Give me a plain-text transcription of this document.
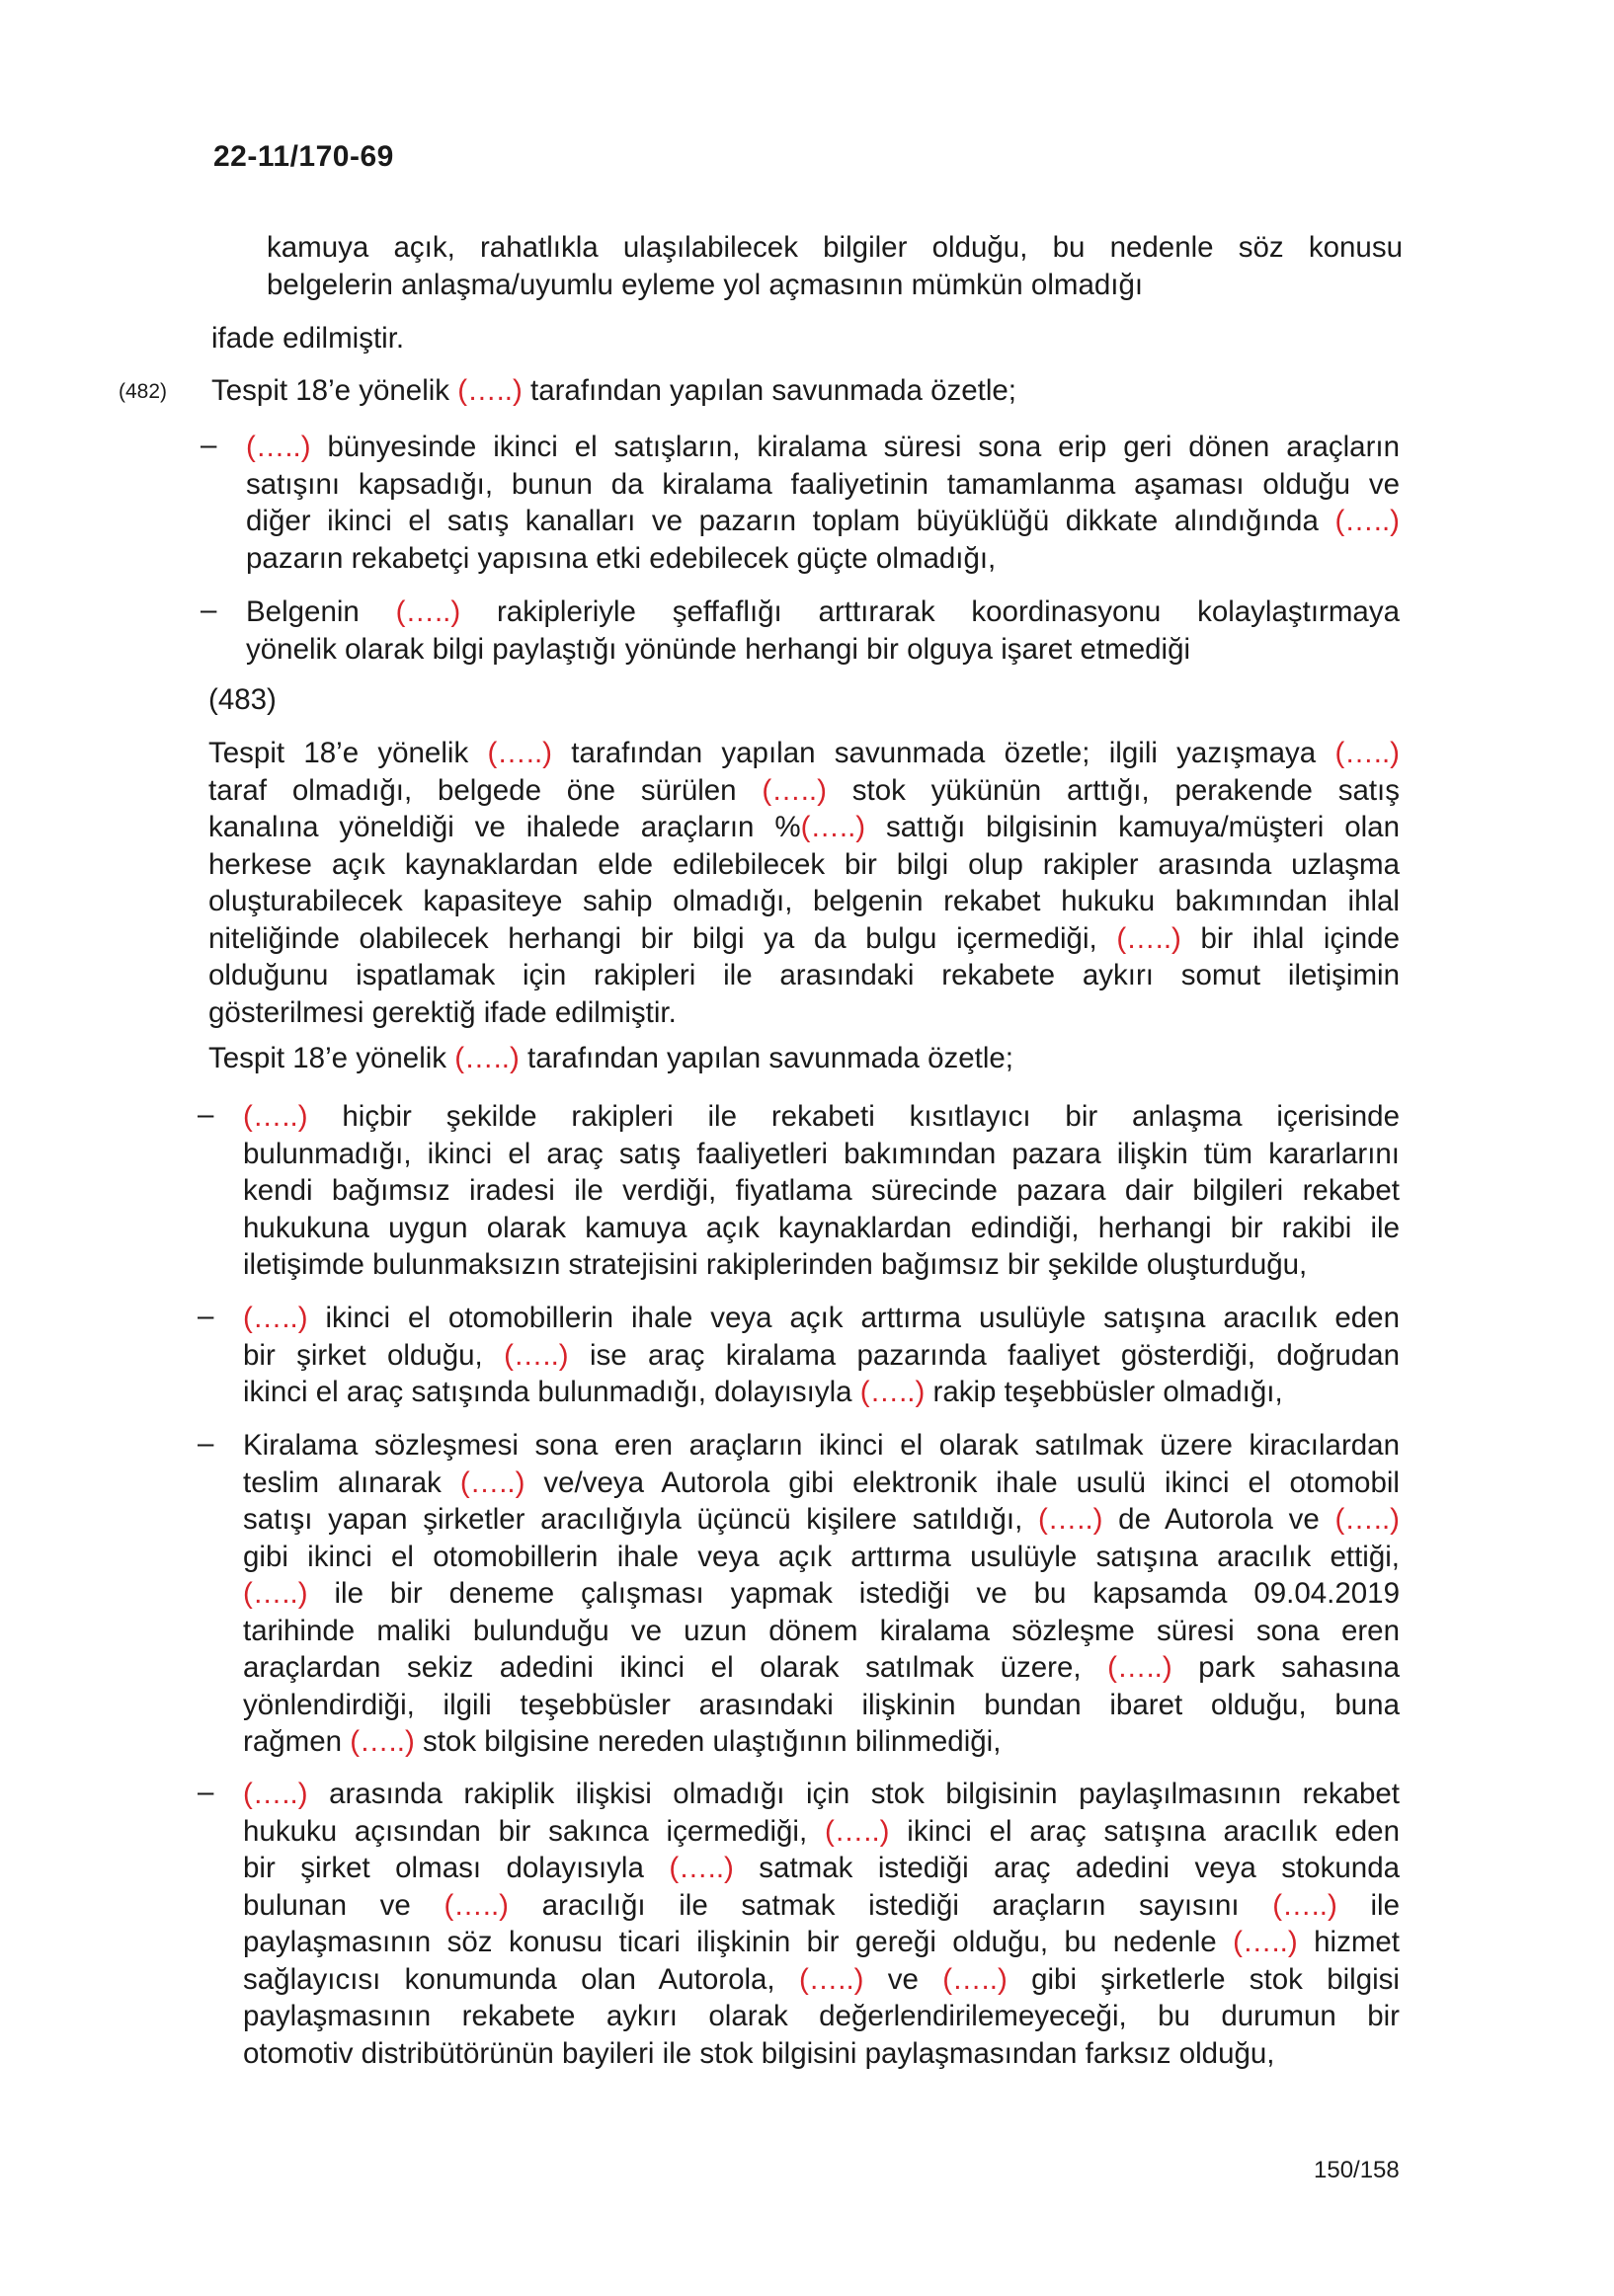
22-11/170-69
kamuya açık, rahatlıkla ulaşılabilecek bilgiler olduğu, bu nedenle söz konusu
belgelerin anlaşma/uyumlu eyleme yol açmasının mümkün olmadığı
ifade edilmiştir.
(482) Tespit 18’e yönelik (…..) tarafından yapılan savunmada özetle;
– (…..) bünyesinde ikinci el satışların, kiralama süresi sona erip geri dönen araçların
satışını kapsadığı, bunun da kiralama faaliyetinin tamamlanma aşaması olduğu ve
diğer ikinci el satış kanalları ve pazarın toplam büyüklüğü dikkate alındığında (…..)
pazarın rekabetçi yapısına etki edebilecek güçte olmadığı,
– Belgenin (…..) rakipleriyle şeffaflığı arttırarak koordinasyonu kolaylaştırmaya
yönelik olarak bilgi paylaştığı yönünde herhangi bir olguya işaret etmediği
(483)
Tespit 18’e yönelik (…..) tarafından yapılan savunmada özetle; ilgili yazışmaya (…..)
taraf olmadığı, belgede öne sürülen (…..) stok yükünün arttığı, perakende satış
kanalına yöneldiği ve ihalede araçların %(…..) sattığı bilgisinin kamuya/müşteri olan
herkese açık kaynaklardan elde edilebilecek bir bilgi olup rakipler arasında uzlaşma
oluşturabilecek kapasiteye sahip olmadığı, belgenin rekabet hukuku bakımından ihlal
niteliğinde olabilecek herhangi bir bilgi ya da bulgu içermediği, (…..) bir ihlal içinde
olduğunu ispatlamak için rakipleri ile arasındaki rekabete aykırı somut iletişimin
gösterilmesi gerektiğ ifade edilmiştir.
Tespit 18’e yönelik (…..) tarafından yapılan savunmada özetle;
– (…..) hiçbir şekilde rakipleri ile rekabeti kısıtlayıcı bir anlaşma içerisinde
bulunmadığı, ikinci el araç satış faaliyetleri bakımından pazara ilişkin tüm kararlarını
kendi bağımsız iradesi ile verdiği, fiyatlama sürecinde pazara dair bilgileri rekabet
hukukuna uygun olarak kamuya açık kaynaklardan edindiği, herhangi bir rakibi ile
iletişimde bulunmaksızın stratejisini rakiplerinden bağımsız bir şekilde oluşturduğu,
– (…..) ikinci el otomobillerin ihale veya açık arttırma usulüyle satışına aracılık eden
bir şirket olduğu, (…..) ise araç kiralama pazarında faaliyet gösterdiği, doğrudan
ikinci el araç satışında bulunmadığı, dolayısıyla (…..) rakip teşebbüsler olmadığı,
– Kiralama sözleşmesi sona eren araçların ikinci el olarak satılmak üzere kiracılardan
teslim alınarak (…..) ve/veya Autorola gibi elektronik ihale usulü ikinci el otomobil
satışı yapan şirketler aracılığıyla üçüncü kişilere satıldığı, (…..) de Autorola ve (…..)
gibi ikinci el otomobillerin ihale veya açık arttırma usulüyle satışına aracılık ettiği,
(…..) ile bir deneme çalışması yapmak istediği ve bu kapsamda 09.04.2019
tarihinde maliki bulunduğu ve uzun dönem kiralama sözleşme süresi sona eren
araçlardan sekiz adedini ikinci el olarak satılmak üzere, (…..) park sahasına
yönlendirdiği, ilgili teşebbüsler arasındaki ilişkinin bundan ibaret olduğu, buna
rağmen (…..) stok bilgisine nereden ulaştığının bilinmediği,
– (…..) arasında rakiplik ilişkisi olmadığı için stok bilgisinin paylaşılmasının rekabet
hukuku açısından bir sakınca içermediği, (…..) ikinci el araç satışına aracılık eden
bir şirket olması dolayısıyla (…..) satmak istediği araç adedini veya stokunda
bulunan ve (…..) aracılığı ile satmak istediği araçların sayısını (…..) ile
paylaşmasının söz konusu ticari ilişkinin bir gereği olduğu, bu nedenle (…..) hizmet
sağlayıcısı konumunda olan Autorola, (…..) ve (…..) gibi şirketlerle stok bilgisi
paylaşmasının rekabete aykırı olarak değerlendirilemeyeceği, bu durumun bir
otomotiv distribütörünün bayileri ile stok bilgisini paylaşmasından farksız olduğu,
150/158
